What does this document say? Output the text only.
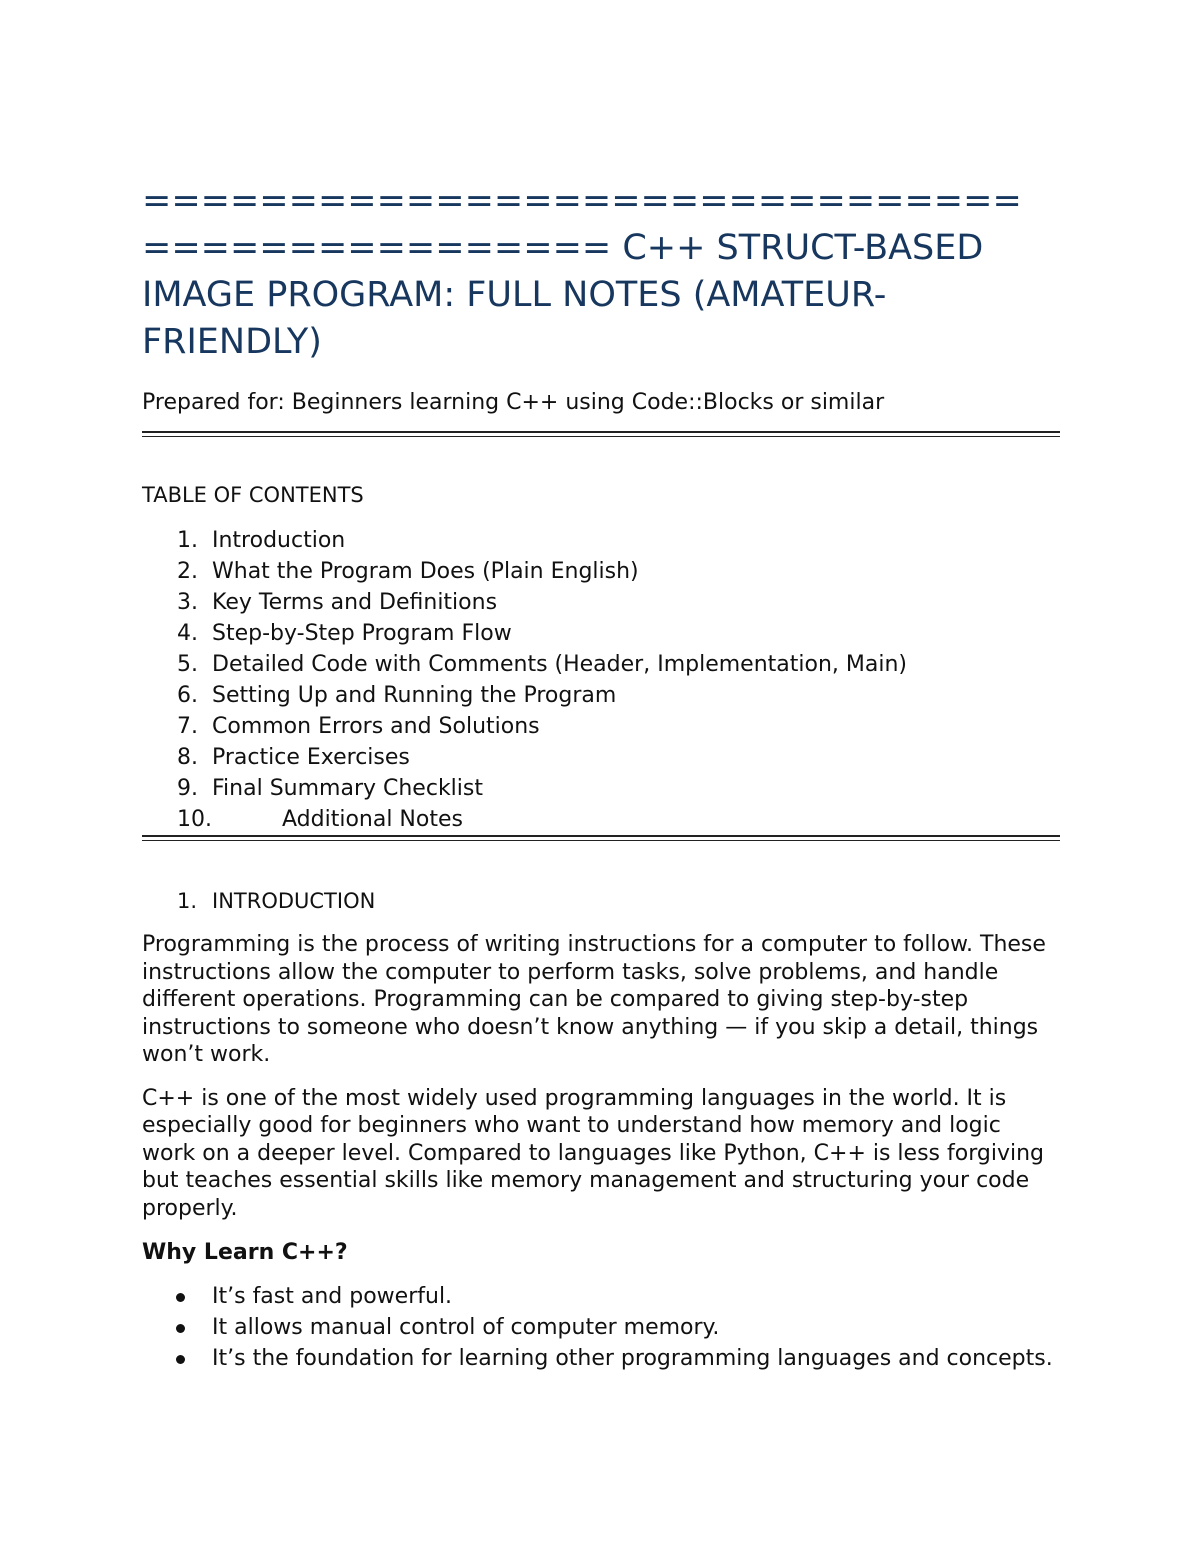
==============================
================ C++ STRUCT-BASED
IMAGE PROGRAM: FULL NOTES (AMATEUR-
FRIENDLY)
Prepared for: Beginners learning C++ using Code::Blocks or similar
TABLE OF CONTENTS
1. Introduction
2. What the Program Does (Plain English)
3. Key Terms and Definitions
4. Step-by-Step Program Flow
5. Detailed Code with Comments (Header, Implementation, Main)
6. Setting Up and Running the Program
7. Common Errors and Solutions
8. Practice Exercises
9. Final Summary Checklist
10.	Additional Notes
1. INTRODUCTION

Programming is the process of writing instructions for a computer to follow. These instructions allow the computer to perform tasks, solve problems, and handle different operations. Programming can be compared to giving step-by-step instructions to someone who doesn’t know anything — if you skip a detail, things won’t work.

C++ is one of the most widely used programming languages in the world. It is especially good for beginners who want to understand how memory and logic work on a deeper level. Compared to languages like Python, C++ is less forgiving but teaches essential skills like memory management and structuring your code properly.

Why Learn C++?
It’s fast and powerful.
It allows manual control of computer memory.
It’s the foundation for learning other programming languages and concepts.
